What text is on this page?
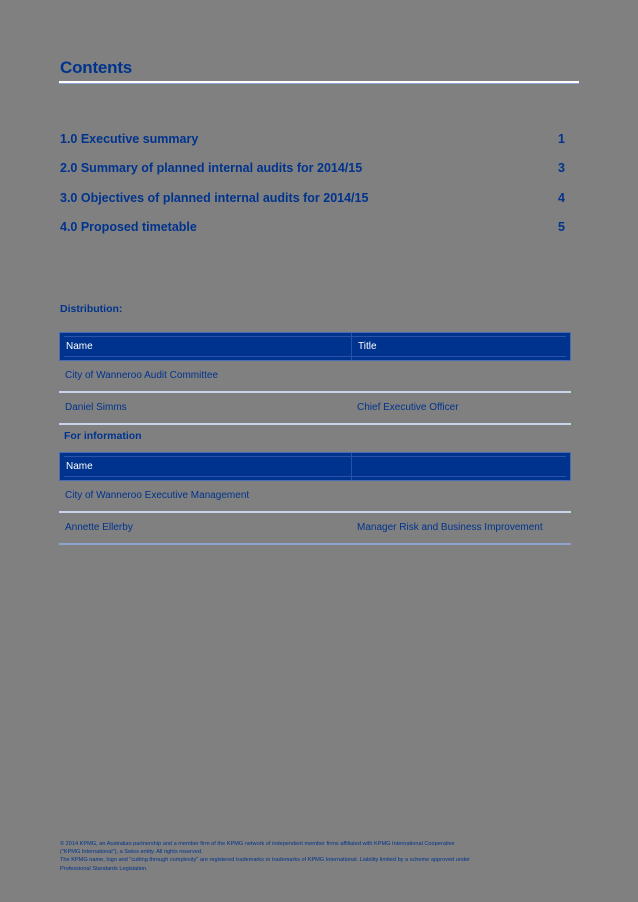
Contents
1.0 Executive summary	1
2.0 Summary of planned internal audits for 2014/15	3
3.0 Objectives of planned internal audits for 2014/15	4
4.0 Proposed timetable	5
Distribution:
Name	Title
City of Wanneroo Audit Committee
Daniel Simms	Chief Executive Officer
For information
Name
City of Wanneroo Executive Management
Annette Ellerby	Manager Risk and Business Improvement
© 2014 KPMG, an Australian partnership and a member firm of the KPMG network of independent member firms affiliated with KPMG International Cooperative
("KPMG International"), a Swiss entity. All rights reserved.
The KPMG name, logo and "cutting through complexity" are registered trademarks or trademarks of KPMG International. Liability limited by a scheme approved under
Professional Standards Legislation.
